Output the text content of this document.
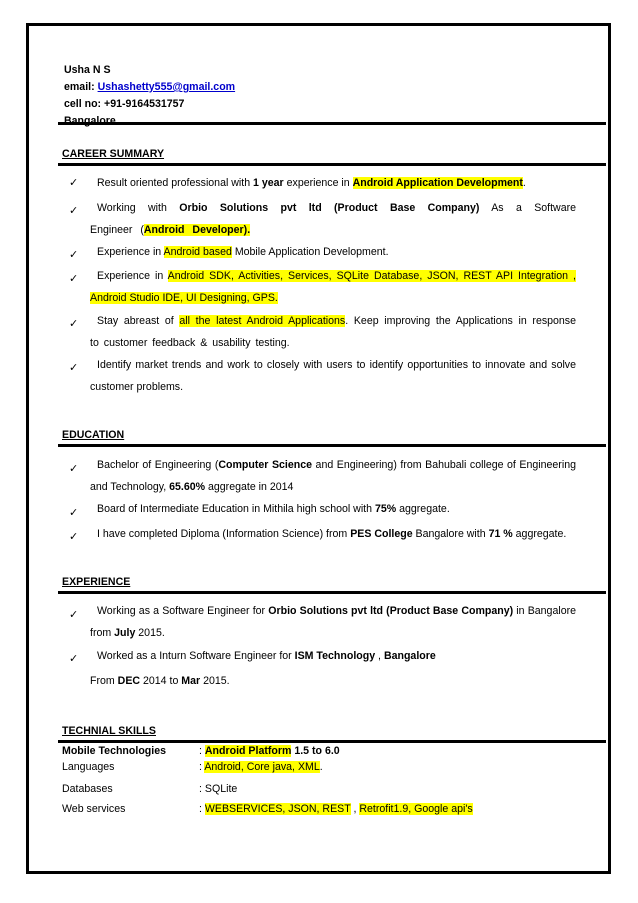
Usha N S
email: Ushashetty555@gmail.com
cell no: +91-9164531757
Bangalore
CAREER SUMMARY
✓	Result oriented professional with 1 year experience in Android Application Development.
✓	Working with Orbio Solutions pvt ltd (Product Base Company) As a Software Engineer (Android Developer).
✓	Experience in Android based Mobile Application Development.
✓	Experience in Android SDK, Activities, Services, SQLite Database, JSON, REST API Integration , Android Studio IDE, UI Designing, GPS.
✓	Stay abreast of all the latest Android Applications. Keep improving the Applications in response to customer feedback & usability testing.
✓	Identify market trends and work to closely with users to identify opportunities to innovate and solve customer problems.
EDUCATION
✓	Bachelor of Engineering (Computer Science and Engineering) from Bahubali college of Engineering and Technology, 65.60% aggregate in 2014
✓	Board of Intermediate Education in Mithila high school with 75% aggregate.
✓	I have completed Diploma (Information Science) from PES College Bangalore with 71 % aggregate.
EXPERIENCE
✓	Working as a Software Engineer for Orbio Solutions pvt ltd (Product Base Company) in Bangalore from July 2015.
✓	Worked as a Inturn Software Engineer for ISM Technology , Bangalore
From DEC 2014 to Mar 2015.
TECHNIAL SKILLS
Mobile Technologies	: Android Platform 1.5 to 6.0
Languages	: Android, Core java, XML.
Databases	: SQLite
Web services	: WEBSERVICES, JSON, REST , Retrofit1.9, Google api's
